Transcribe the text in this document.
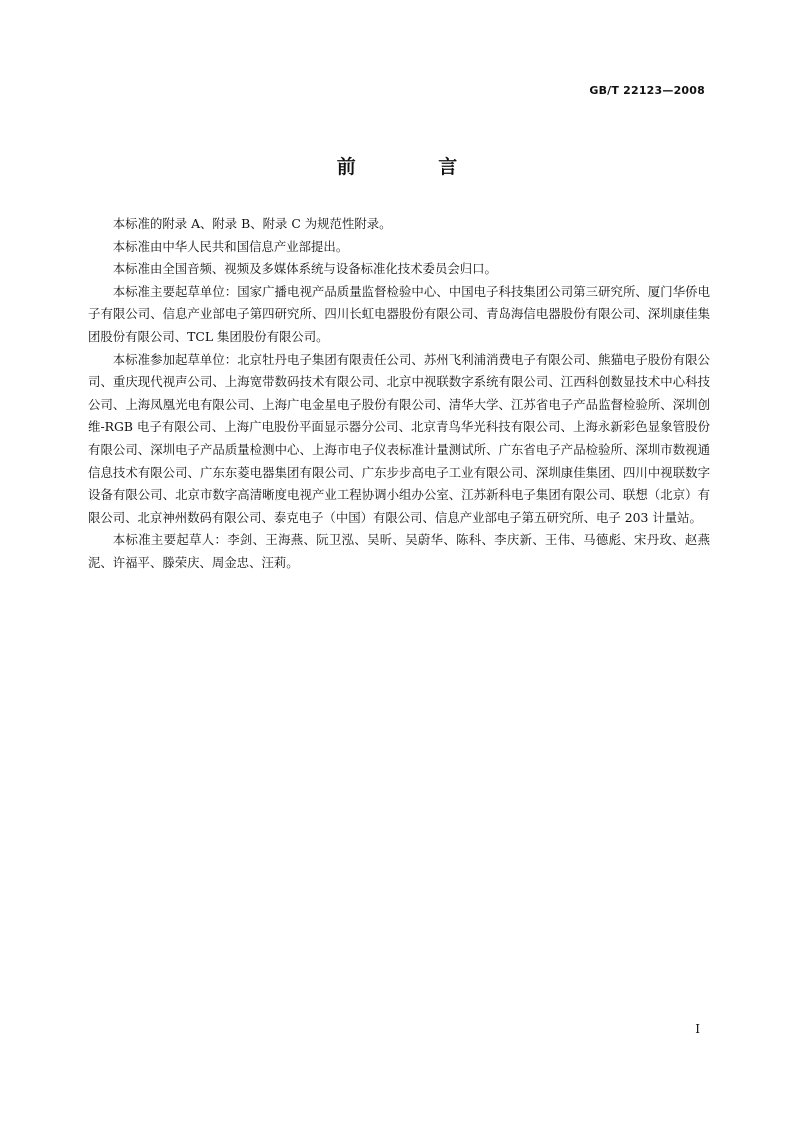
GB/T 22123—2008
前 言

本标准的附录 A、附录 B、附录 C 为规范性附录。

本标准由中华人民共和国信息产业部提出。

本标准由全国音频、视频及多媒体系统与设备标准化技术委员会归口。

本标准主要起草单位：国家广播电视产品质量监督检验中心、中国电子科技集团公司第三研究所、厦门华侨电子有限公司、信息产业部电子第四研究所、四川长虹电器股份有限公司、青岛海信电器股份有限公司、深圳康佳集团股份有限公司、TCL 集团股份有限公司。

本标准参加起草单位：北京牡丹电子集团有限责任公司、苏州飞利浦消费电子有限公司、熊猫电子股份有限公司、重庆现代视声公司、上海宽带数码技术有限公司、北京中视联数字系统有限公司、江西科创数显技术中心科技公司、上海凤凰光电有限公司、上海广电金星电子股份有限公司、清华大学、江苏省电子产品监督检验所、深圳创维-RGB 电子有限公司、上海广电股份平面显示器分公司、北京青鸟华光科技有限公司、上海永新彩色显象管股份有限公司、深圳电子产品质量检测中心、上海市电子仪表标准计量测试所、广东省电子产品检验所、深圳市数视通信息技术有限公司、广东东菱电器集团有限公司、广东步步高电子工业有限公司、深圳康佳集团、四川中视联数字设备有限公司、北京市数字高清晰度电视产业工程协调小组办公室、江苏新科电子集团有限公司、联想（北京）有限公司、北京神州数码有限公司、泰克电子（中国）有限公司、信息产业部电子第五研究所、电子 203 计量站。

本标准主要起草人：李剑、王海燕、阮卫泓、吴昕、吴蔚华、陈科、李庆新、王伟、马德彪、宋丹玫、赵燕泥、许福平、滕荣庆、周金忠、汪莉。

I
